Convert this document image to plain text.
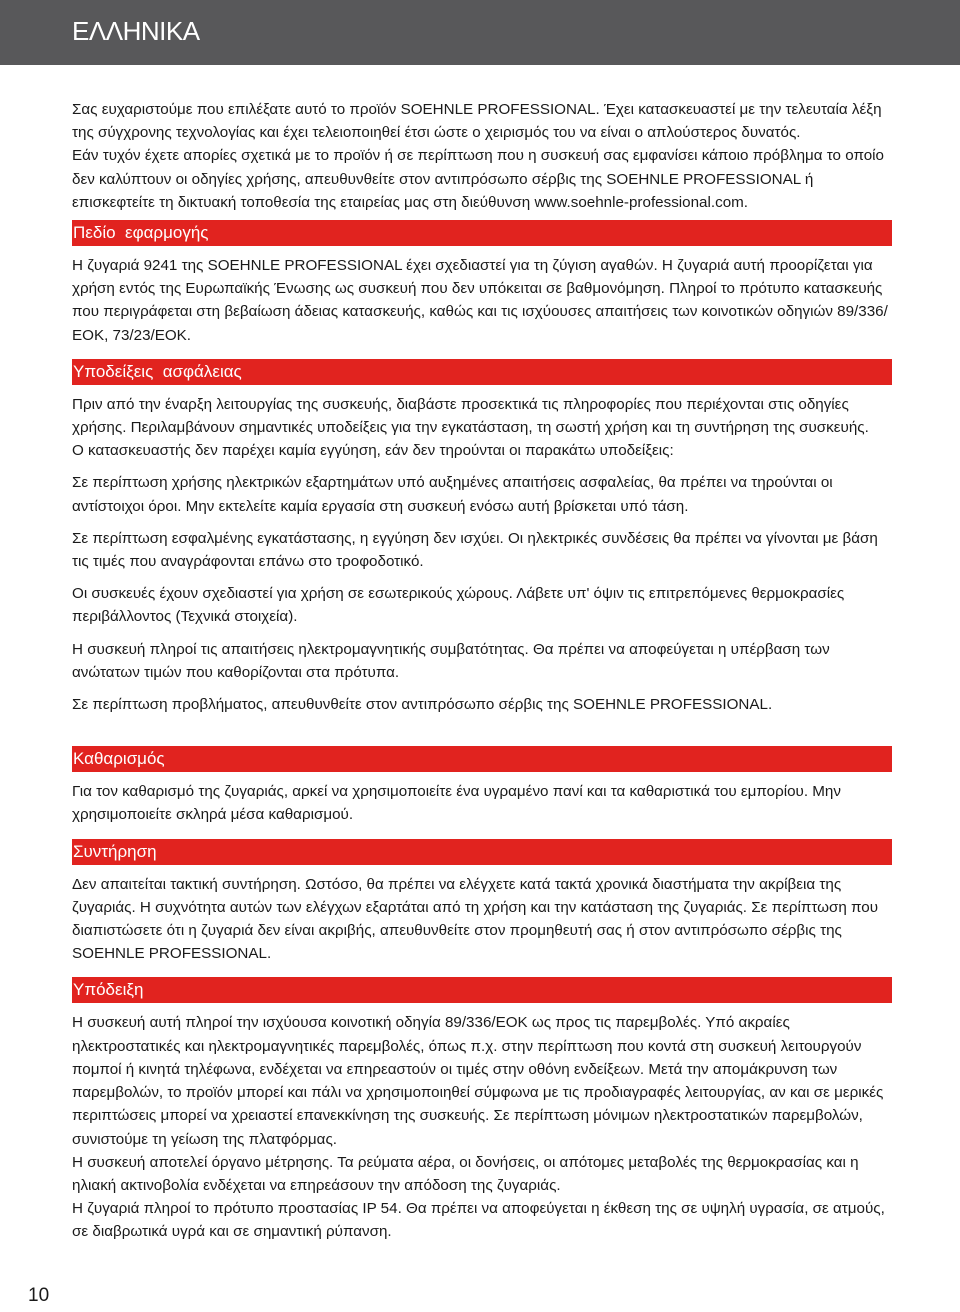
ΕΛΛΗΝΙΚΑ

Σας ευχαριστούμε που επιλέξατε αυτό το προϊόν SOEHNLE PROFESSIONAL. Έχει κατασκευαστεί με την τελευταία λέξη της σύγχρονης τεχνολογίας και έχει τελειοποιηθεί έτσι ώστε ο χειρισμός του να είναι ο απλούστερος δυνατός.

Εάν τυχόν έχετε απορίες σχετικά με το προϊόν ή σε περίπτωση που η συσκευή σας εμφανίσει κάποιο πρόβλημα το οποίο δεν καλύπτουν οι οδηγίες χρήσης, απευθυνθείτε στον αντιπρόσωπο σέρβις της SOEHNLE PROFESSIONAL ή επισκεφτείτε τη δικτυακή τοποθεσία της εταιρείας μας στη διεύθυνση www.soehnle-professional.com.

Πεδίο  εφαρμογής

Η ζυγαριά 9241 της SOEHNLE PROFESSIONAL έχει σχεδιαστεί για τη ζύγιση αγαθών. Η ζυγαριά αυτή προορίζεται για χρήση εντός της Ευρωπαϊκής Ένωσης ως συσκευή που δεν υπόκειται σε βαθμονόμηση. Πληροί το πρότυπο κατασκευής που περιγράφεται στη βεβαίωση άδειας κατασκευής, καθώς και τις ισχύουσες απαιτήσεις των κοινοτικών οδηγιών 89/336/ΕΟΚ, 73/23/ΕΟΚ.

Υποδείξεις  ασφάλειας

Πριν από την έναρξη λειτουργίας της συσκευής, διαβάστε προσεκτικά τις πληροφορίες που περιέχονται στις οδηγίες χρήσης. Περιλαμβάνουν σημαντικές υποδείξεις για την εγκατάσταση, τη σωστή χρήση και τη συντήρηση της συσκευής.

Ο κατασκευαστής δεν παρέχει καμία εγγύηση, εάν δεν τηρούνται οι παρακάτω υποδείξεις:

Σε περίπτωση χρήσης ηλεκτρικών εξαρτημάτων υπό αυξημένες απαιτήσεις ασφαλείας, θα πρέπει να τηρούνται οι αντίστοιχοι όροι. Μην εκτελείτε καμία εργασία στη συσκευή ενόσω αυτή βρίσκεται υπό τάση.

Σε περίπτωση εσφαλμένης εγκατάστασης, η εγγύηση δεν ισχύει. Οι ηλεκτρικές συνδέσεις θα πρέπει να γίνονται με βάση τις τιμές που αναγράφονται επάνω στο τροφοδοτικό.

Οι συσκευές έχουν σχεδιαστεί για χρήση σε εσωτερικούς χώρους. Λάβετε υπ' όψιν τις επιτρεπόμενες θερμοκρασίες περιβάλλοντος (Τεχνικά στοιχεία).

Η συσκευή πληροί τις απαιτήσεις ηλεκτρομαγνητικής συμβατότητας. Θα πρέπει να αποφεύγεται η υπέρβαση των ανώτατων τιμών που καθορίζονται στα πρότυπα.

Σε περίπτωση προβλήματος, απευθυνθείτε στον αντιπρόσωπο σέρβις της SOEHNLE PROFESSIONAL.

Καθαρισμός

Για τον καθαρισμό της ζυγαριάς, αρκεί να χρησιμοποιείτε ένα υγραμένο πανί και τα καθαριστικά του εμπορίου. Μην χρησιμοποιείτε σκληρά μέσα καθαρισμού.

Συντήρηση

Δεν απαιτείται τακτική συντήρηση. Ωστόσο, θα πρέπει να ελέγχετε κατά τακτά χρονικά διαστήματα την ακρίβεια της ζυγαριάς. Η συχνότητα αυτών των ελέγχων εξαρτάται από τη χρήση και την κατάσταση της ζυγαριάς. Σε περίπτωση που διαπιστώσετε ότι η ζυγαριά δεν είναι ακριβής, απευθυνθείτε στον προμηθευτή σας ή στον αντιπρόσωπο σέρβις της SOEHNLE PROFESSIONAL.

Υπόδειξη

Η συσκευή αυτή πληροί την ισχύουσα κοινοτική οδηγία 89/336/ΕΟΚ ως προς τις παρεμβολές. Υπό ακραίες ηλεκτροστατικές και ηλεκτρομαγνητικές παρεμβολές, όπως π.χ. στην περίπτωση που κοντά στη συσκευή λειτουργούν πομποί ή κινητά τηλέφωνα, ενδέχεται να επηρεαστούν οι τιμές στην οθόνη ενδείξεων. Μετά την απομάκρυνση των παρεμβολών, το προϊόν μπορεί και πάλι να χρησιμοποιηθεί σύμφωνα με τις προδιαγραφές λειτουργίας, αν και σε μερικές περιπτώσεις μπορεί να χρειαστεί επανεκκίνηση της συσκευής. Σε περίπτωση μόνιμων ηλεκτροστατικών παρεμβολών, συνιστούμε τη γείωση της πλατφόρμας.

Η συσκευή αποτελεί όργανο μέτρησης. Τα ρεύματα αέρα, οι δονήσεις, οι απότομες μεταβολές της θερμοκρασίας και η ηλιακή ακτινοβολία ενδέχεται να επηρεάσουν την απόδοση της ζυγαριάς.

Η ζυγαριά πληροί το πρότυπο προστασίας IP 54. Θα πρέπει να αποφεύγεται η έκθεση της σε υψηλή υγρασία, σε ατμούς, σε διαβρωτικά υγρά και σε σημαντική ρύπανση.

10
